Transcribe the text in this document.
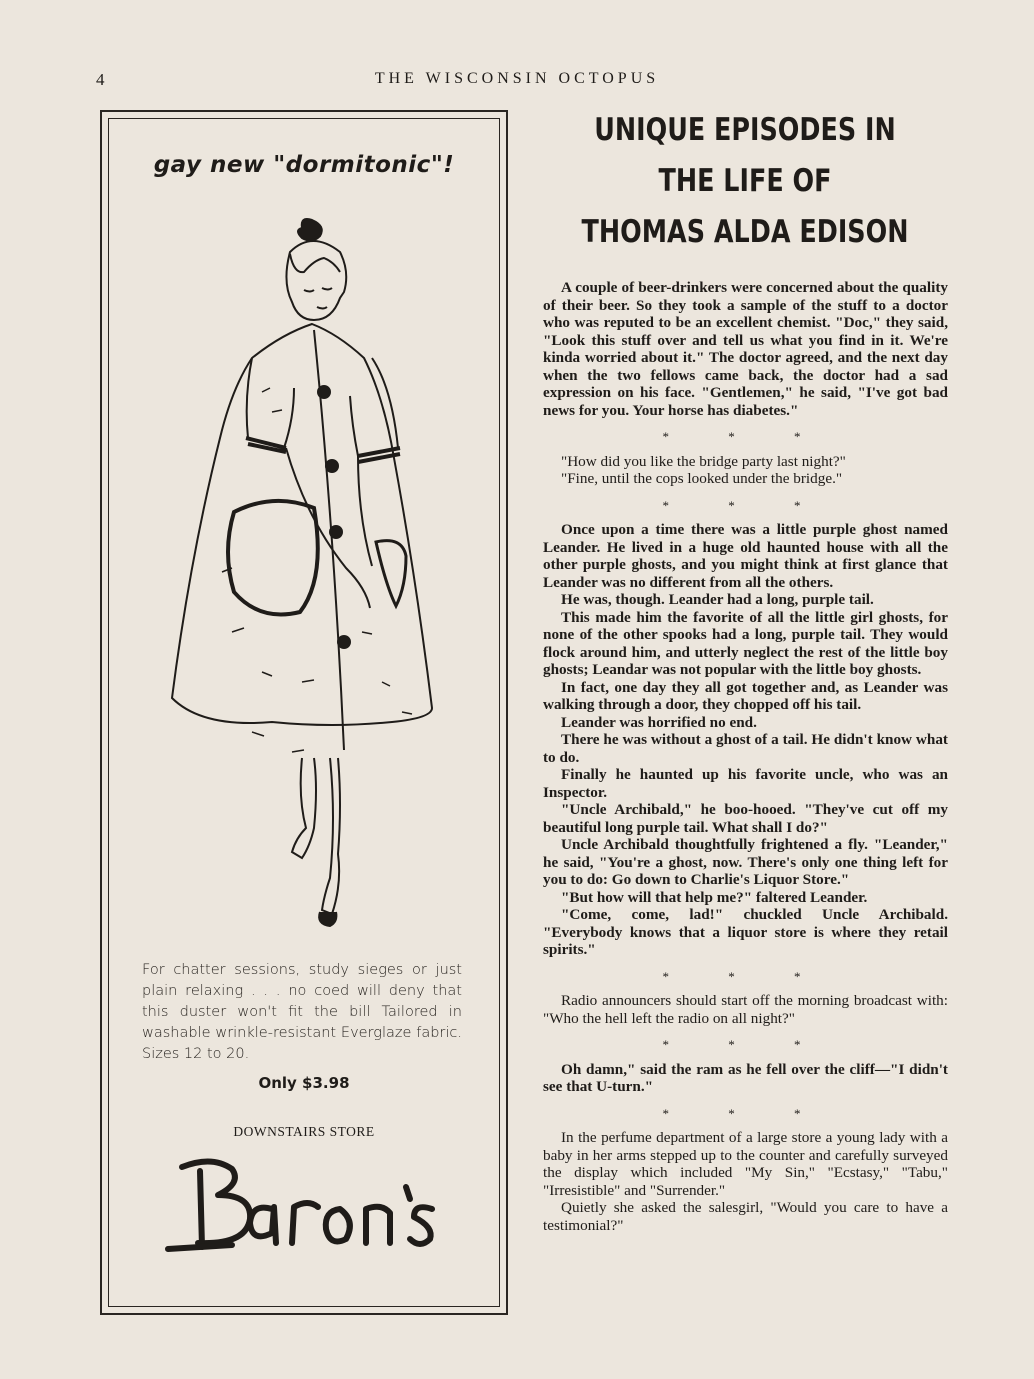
4	THE WISCONSIN OCTOPUS
gay new "dormitonic"!
For chatter sessions, study sieges or just plain relaxing . . . no coed will deny that this duster won't fit the bill Tailored in washable wrinkle-resistant Everglaze fabric. Sizes 12 to 20.
Only $3.98
DOWNSTAIRS STORE
UNIQUE EPISODES IN
THE LIFE OF
THOMAS ALDA EDISON

A couple of beer-drinkers were concerned about the quality of their beer. So they took a sample of the stuff to a doctor who was reputed to be an excellent chemist. "Doc," they said, "Look this stuff over and tell us what you find in it. We're kinda worried about it." The doctor agreed, and the next day when the two fellows came back, the doctor had a sad expression on his face. "Gentlemen," he said, "I've got bad news for you. Your horse has diabetes."

* * *

"How did you like the bridge party last night?"

"Fine, until the cops looked under the bridge."

* * *

Once upon a time there was a little purple ghost named Leander. He lived in a huge old haunted house with all the other purple ghosts, and you might think at first glance that Leander was no different from all the others.

He was, though. Leander had a long, purple tail.

This made him the favorite of all the little girl ghosts, for none of the other spooks had a long, purple tail. They would flock around him, and utterly neglect the rest of the little boy ghosts; Leandar was not popular with the little boy ghosts.

In fact, one day they all got together and, as Leander was walking through a door, they chopped off his tail.

Leander was horrified no end.

There he was without a ghost of a tail. He didn't know what to do.

Finally he haunted up his favorite uncle, who was an Inspector.

"Uncle Archibald," he boo-hooed. "They've cut off my beautiful long purple tail. What shall I do?"

Uncle Archibald thoughtfully frightened a fly. "Leander," he said, "You're a ghost, now. There's only one thing left for you to do: Go down to Charlie's Liquor Store."

"But how will that help me?" faltered Leander.

"Come, come, lad!" chuckled Uncle Archibald. "Everybody knows that a liquor store is where they retail spirits."

* * *

Radio announcers should start off the morning broadcast with: "Who the hell left the radio on all night?"

* * *

Oh damn," said the ram as he fell over the cliff—"I didn't see that U-turn."

* * *

In the perfume department of a large store a young lady with a baby in her arms stepped up to the counter and carefully surveyed the display which included "My Sin," "Ecstasy," "Tabu," "Irresistible" and "Surrender."

Quietly she asked the salesgirl, "Would you care to have a testimonial?"
